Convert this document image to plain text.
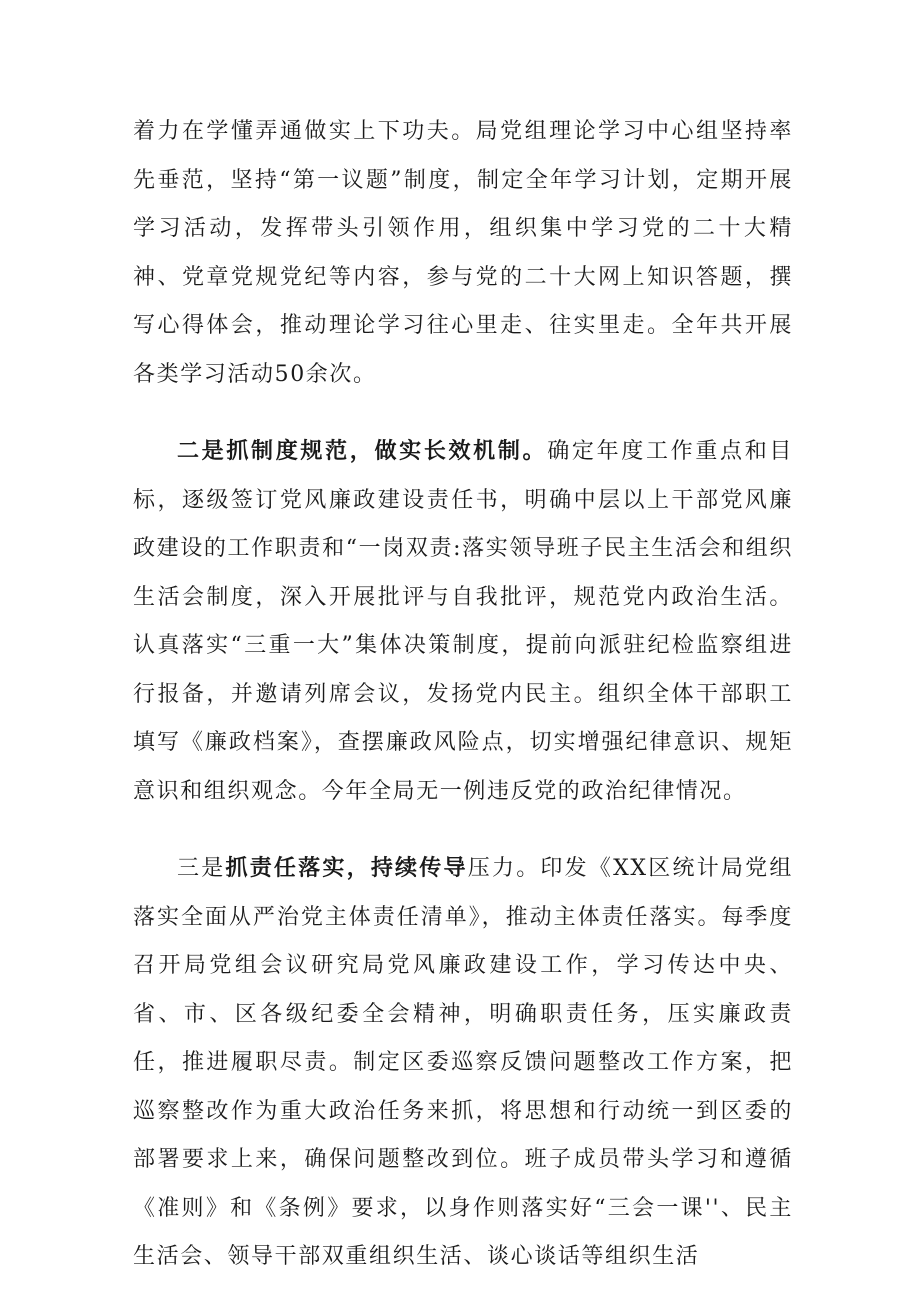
着力在学懂弄通做实上下功夫。局党组理论学习中心组坚持率先垂范，坚持“第一议题”制度，制定全年学习计划，定期开展学习活动，发挥带头引领作用，组织集中学习党的二十大精神、党章党规党纪等内容，参与党的二十大网上知识答题，撰写心得体会，推动理论学习往心里走、往实里走。全年共开展各类学习活动50余次。

二是抓制度规范，做实长效机制。确定年度工作重点和目标，逐级签订党风廉政建设责任书，明确中层以上干部党风廉政建设的工作职责和“一岗双责:落实领导班子民主生活会和组织生活会制度，深入开展批评与自我批评，规范党内政治生活。认真落实“三重一大”集体决策制度，提前向派驻纪检监察组进行报备，并邀请列席会议，发扬党内民主。组织全体干部职工填写《廉政档案》，查摆廉政风险点，切实增强纪律意识、规矩意识和组织观念。今年全局无一例违反党的政治纪律情况。

三是抓责任落实，持续传导压力。印发《XX区统计局党组落实全面从严治党主体责任清单》，推动主体责任落实。每季度召开局党组会议研究局党风廉政建设工作，学习传达中央、省、市、区各级纪委全会精神，明确职责任务，压实廉政责任，推进履职尽责。制定区委巡察反馈问题整改工作方案，把巡察整改作为重大政治任务来抓，将思想和行动统一到区委的部署要求上来，确保问题整改到位。班子成员带头学习和遵循《准则》和《条例》要求，以身作则落实好“三会一课''、民主生活会、领导干部双重组织生活、谈心谈话等组织生活
